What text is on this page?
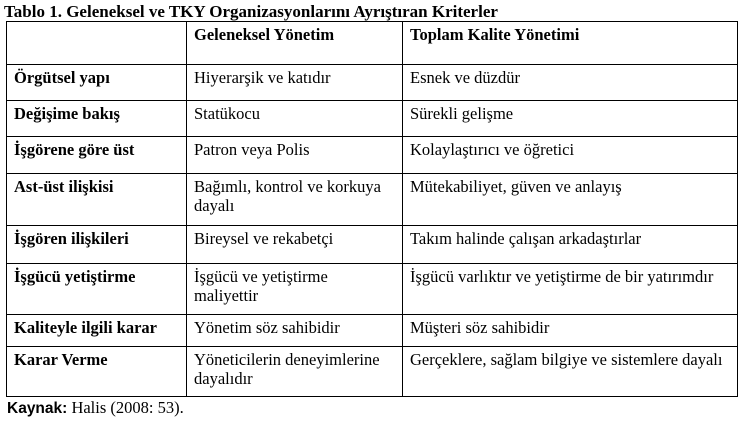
Tablo 1. Geleneksel ve TKY Organizasyonlarını Ayrıştıran Kriterler
	Geleneksel Yönetim	Toplam Kalite Yönetimi
Örgütsel yapı	Hiyerarşik ve katıdır	Esnek ve düzdür
Değişime bakış	Statükocu	Sürekli gelişme
İşgörene göre üst	Patron veya Polis	Kolaylaştırıcı ve öğretici
Ast-üst ilişkisi	Bağımlı, kontrol ve korkuya dayalı	Mütekabiliyet, güven ve anlayış
İşgören ilişkileri	Bireysel ve rekabetçi	Takım halinde çalışan arkadaştırlar
İşgücü yetiştirme	İşgücü ve yetiştirme maliyettir	İşgücü varlıktır ve yetiştirme de bir yatırımdır
Kaliteyle ilgili karar	Yönetim söz sahibidir	Müşteri söz sahibidir
Karar Verme	Yöneticilerin deneyimlerine dayalıdır	Gerçeklere, sağlam bilgiye ve sistemlere dayalı
Kaynak: Halis (2008: 53).
